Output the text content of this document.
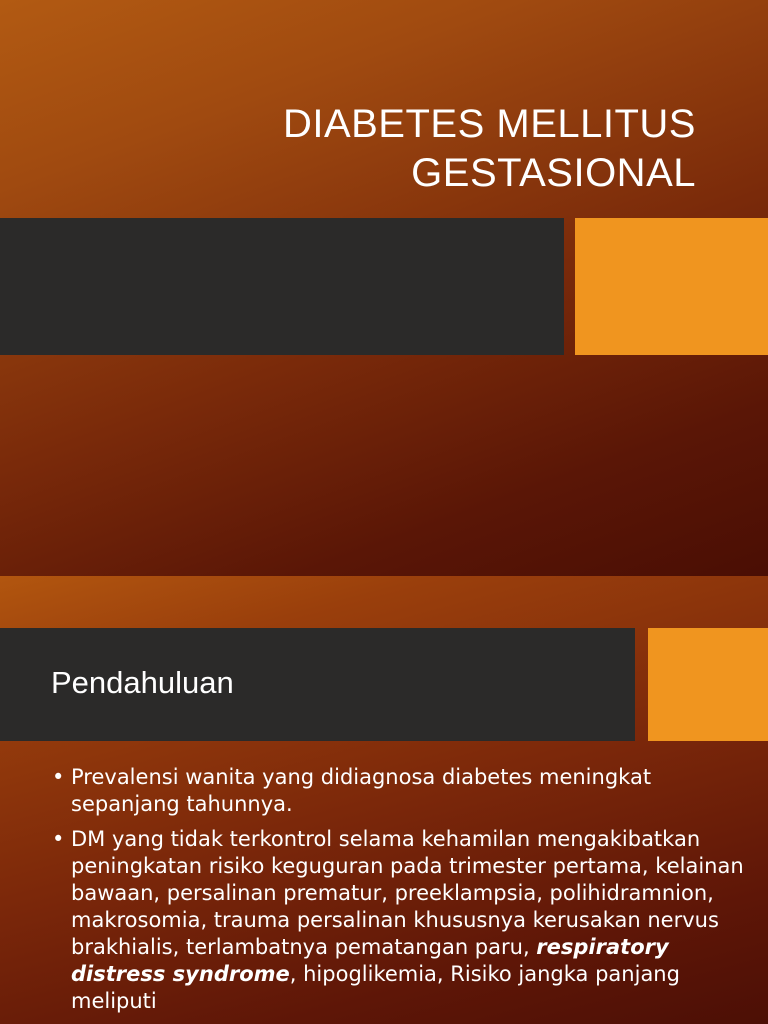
DIABETES MELLITUS
GESTASIONAL
Pendahuluan
• Prevalensi wanita yang didiagnosa diabetes meningkat sepanjang tahunnya.
• DM yang tidak terkontrol selama kehamilan mengakibatkan peningkatan risiko keguguran pada trimester pertama, kelainan bawaan, persalinan prematur, preeklampsia, polihidramnion, makrosomia, trauma persalinan khususnya kerusakan nervus brakhialis, terlambatnya pematangan paru, respiratory distress syndrome, hipoglikemia, Risiko jangka panjang meliputi
